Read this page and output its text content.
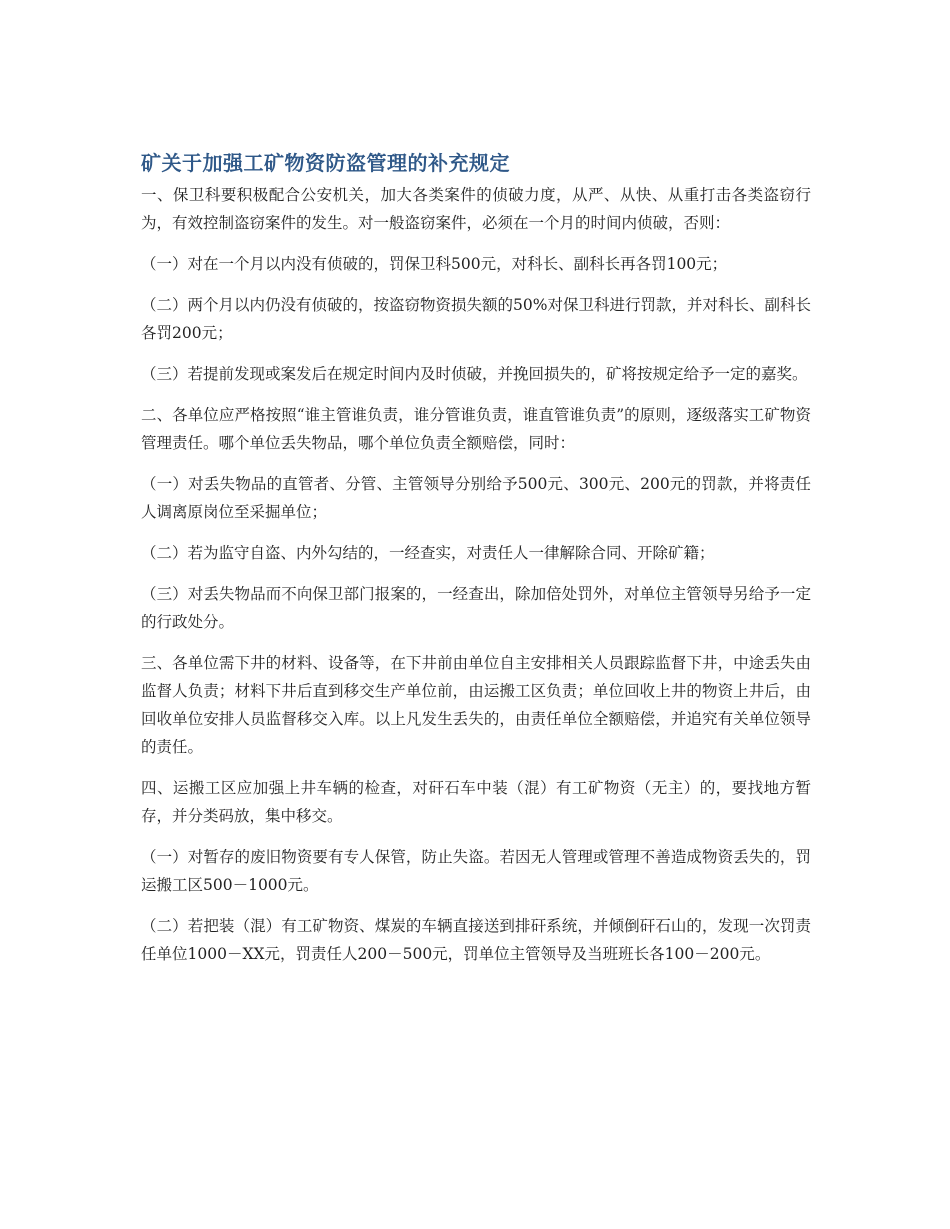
矿关于加强工矿物资防盗管理的补充规定

一、保卫科要积极配合公安机关，加大各类案件的侦破力度，从严、从快、从重打击各类盗窃行为，有效控制盗窃案件的发生。对一般盗窃案件，必须在一个月的时间内侦破，否则：

（一）对在一个月以内没有侦破的，罚保卫科500元，对科长、副科长再各罚100元；

（二）两个月以内仍没有侦破的，按盗窃物资损失额的50%对保卫科进行罚款，并对科长、副科长各罚200元；

（三）若提前发现或案发后在规定时间内及时侦破，并挽回损失的，矿将按规定给予一定的嘉奖。

二、各单位应严格按照“谁主管谁负责，谁分管谁负责，谁直管谁负责”的原则，逐级落实工矿物资管理责任。哪个单位丢失物品，哪个单位负责全额赔偿，同时：

（一）对丢失物品的直管者、分管、主管领导分别给予500元、300元、200元的罚款，并将责任人调离原岗位至采掘单位；

（二）若为监守自盗、内外勾结的，一经查实，对责任人一律解除合同、开除矿籍；

（三）对丢失物品而不向保卫部门报案的，一经查出，除加倍处罚外，对单位主管领导另给予一定的行政处分。

三、各单位需下井的材料、设备等，在下井前由单位自主安排相关人员跟踪监督下井，中途丢失由监督人负责；材料下井后直到移交生产单位前，由运搬工区负责；单位回收上井的物资上井后，由回收单位安排人员监督移交入库。以上凡发生丢失的，由责任单位全额赔偿，并追究有关单位领导的责任。

四、运搬工区应加强上井车辆的检查，对矸石车中装（混）有工矿物资（无主）的，要找地方暂存，并分类码放，集中移交。

（一）对暂存的废旧物资要有专人保管，防止失盗。若因无人管理或管理不善造成物资丢失的，罚运搬工区500－1000元。

（二）若把装（混）有工矿物资、煤炭的车辆直接送到排矸系统，并倾倒矸石山的，发现一次罚责任单位1000－XX元，罚责任人200－500元，罚单位主管领导及当班班长各100－200元。
